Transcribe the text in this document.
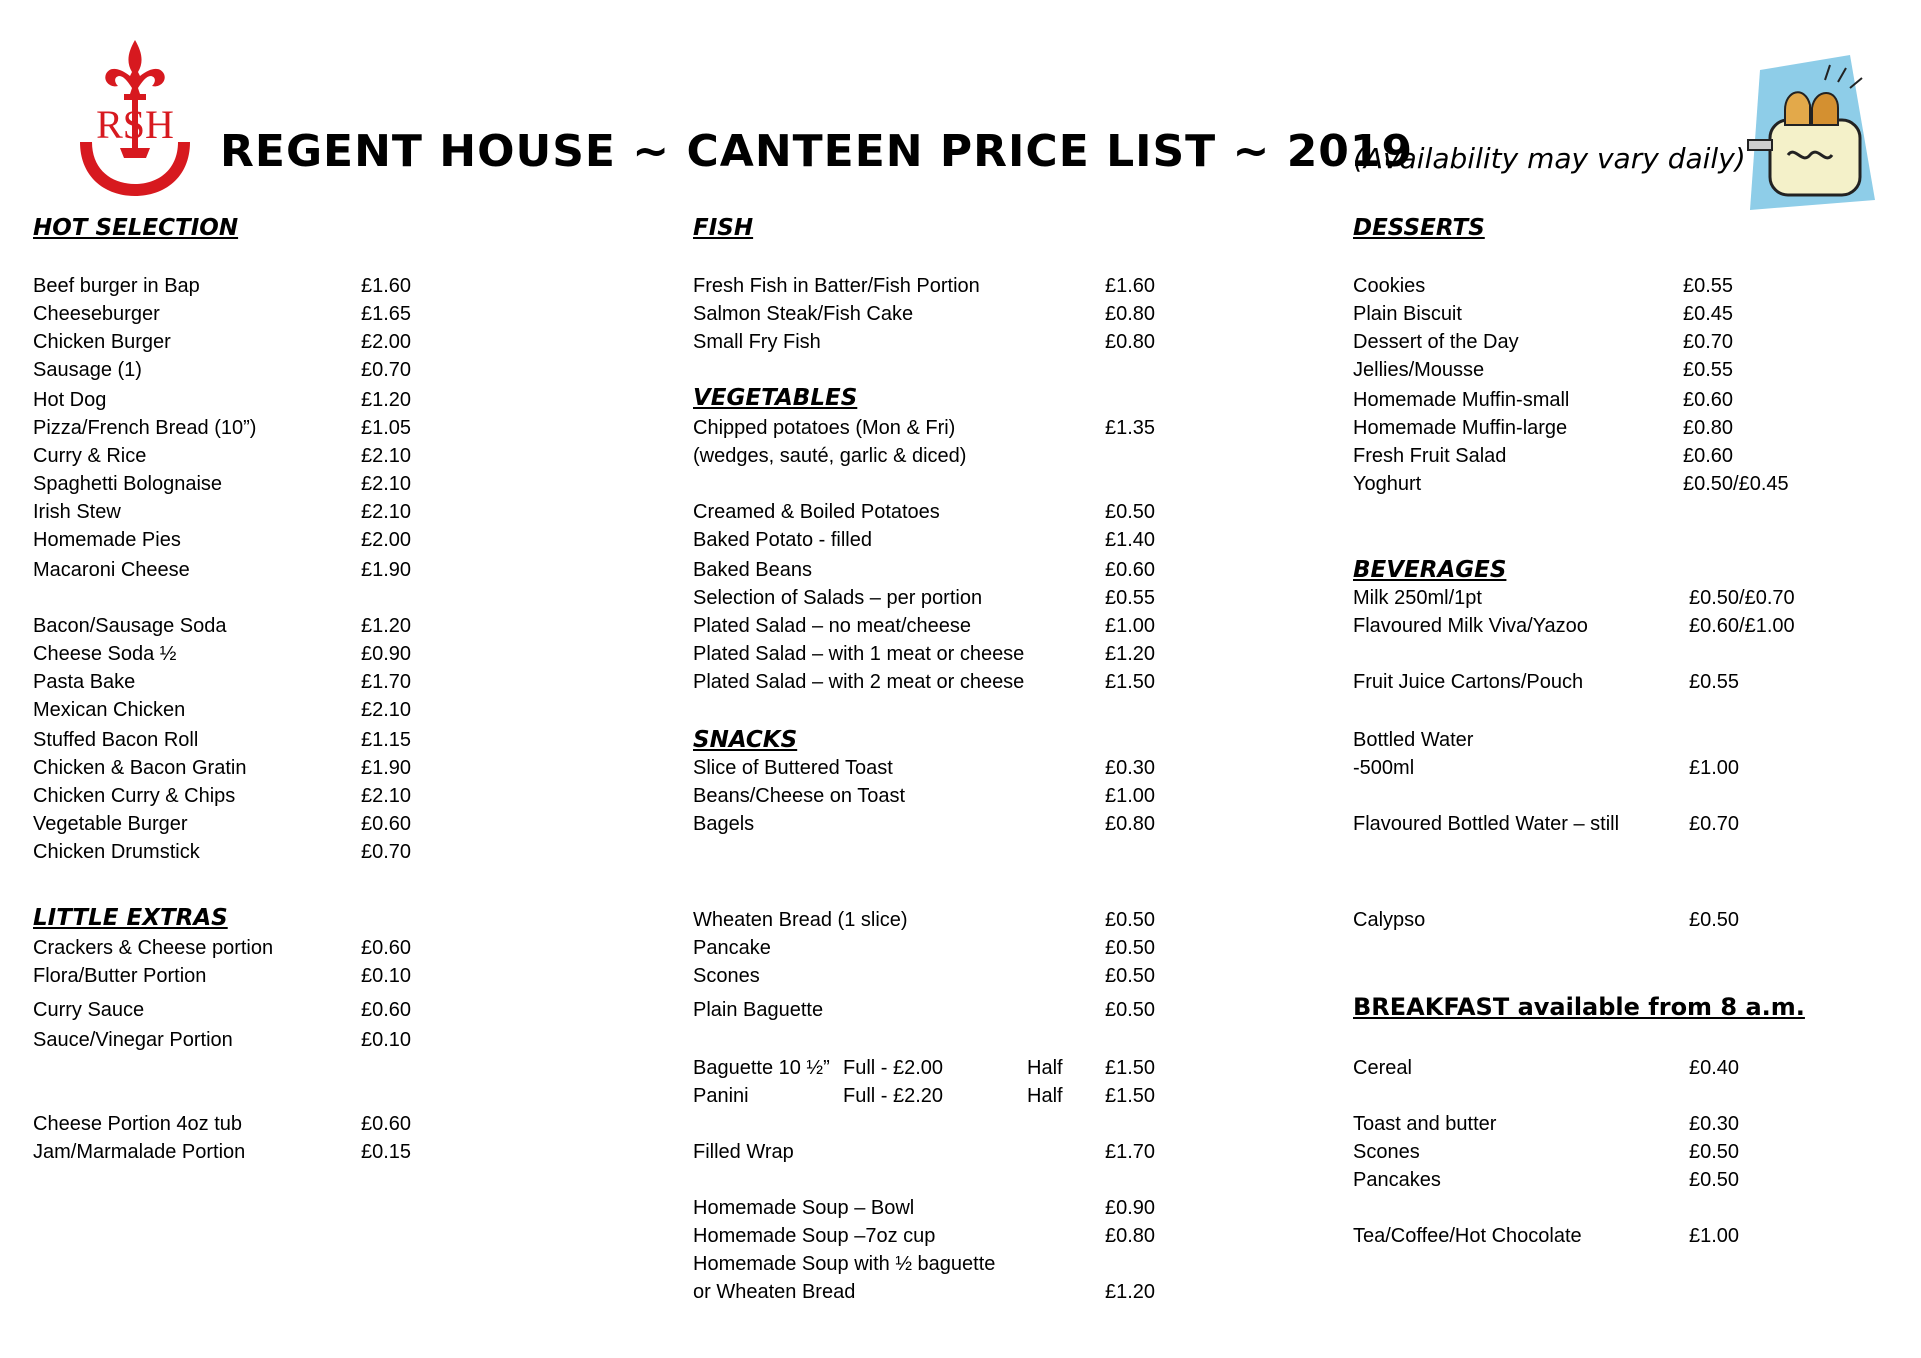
RSH
REGENT HOUSE ~ CANTEEN PRICE LIST ~ 2019
(Availability may vary daily)
HOT SELECTION
Beef burger in Bap	£1.60
Cheeseburger	£1.65
Chicken Burger	£2.00
Sausage (1)	£0.70
Hot Dog	£1.20
Pizza/French Bread (10”)	£1.05
Curry & Rice	£2.10
Spaghetti Bolognaise	£2.10
Irish Stew	£2.10
Homemade Pies	£2.00
Macaroni Cheese	£1.90
Bacon/Sausage Soda	£1.20
Cheese Soda ½	£0.90
Pasta Bake	£1.70
Mexican Chicken	£2.10
Stuffed Bacon Roll	£1.15
Chicken & Bacon Gratin	£1.90
Chicken Curry & Chips	£2.10
Vegetable Burger	£0.60
Chicken Drumstick	£0.70
LITTLE EXTRAS
Crackers & Cheese portion	£0.60
Flora/Butter Portion	£0.10
Curry Sauce	£0.60
Sauce/Vinegar Portion	£0.10
Cheese Portion 4oz tub	£0.60
Jam/Marmalade Portion	£0.15
FISH
Fresh Fish in Batter/Fish Portion	£1.60
Salmon Steak/Fish Cake	£0.80
Small Fry Fish	£0.80
VEGETABLES
Chipped potatoes (Mon & Fri)	£1.35
(wedges, sauté, garlic & diced)
Creamed & Boiled Potatoes	£0.50
Baked Potato - filled	£1.40
Baked Beans	£0.60
Selection of Salads – per portion	£0.55
Plated Salad – no meat/cheese	£1.00
Plated Salad – with 1 meat or cheese	£1.20
Plated Salad – with 2 meat or cheese	£1.50
SNACKS
Slice of Buttered Toast	£0.30
Beans/Cheese on Toast	£1.00
Bagels	£0.80
Wheaten Bread (1 slice)	£0.50
Pancake	£0.50
Scones	£0.50
Plain Baguette	£0.50
Baguette 10 ½” Full - £2.00	Half £1.50
Panini	Full - £2.20	Half £1.50
Filled Wrap	£1.70
Homemade Soup – Bowl	£0.90
Homemade Soup –7oz cup	£0.80
Homemade Soup with ½ baguette
or Wheaten Bread	£1.20
DESSERTS
Cookies	£0.55
Plain Biscuit	£0.45
Dessert of the Day	£0.70
Jellies/Mousse	£0.55
Homemade Muffin-small	£0.60
Homemade Muffin-large	£0.80
Fresh Fruit Salad	£0.60
Yoghurt	£0.50/£0.45
BEVERAGES
Milk 250ml/1pt	£0.50/£0.70
Flavoured Milk Viva/Yazoo	£0.60/£1.00
Fruit Juice Cartons/Pouch	£0.55
Bottled Water
-500ml	£1.00
Flavoured Bottled Water – still	£0.70
Calypso	£0.50
BREAKFAST available from 8 a.m.
Cereal	£0.40
Toast and butter	£0.30
Scones	£0.50
Pancakes	£0.50
Tea/Coffee/Hot Chocolate	£1.00
